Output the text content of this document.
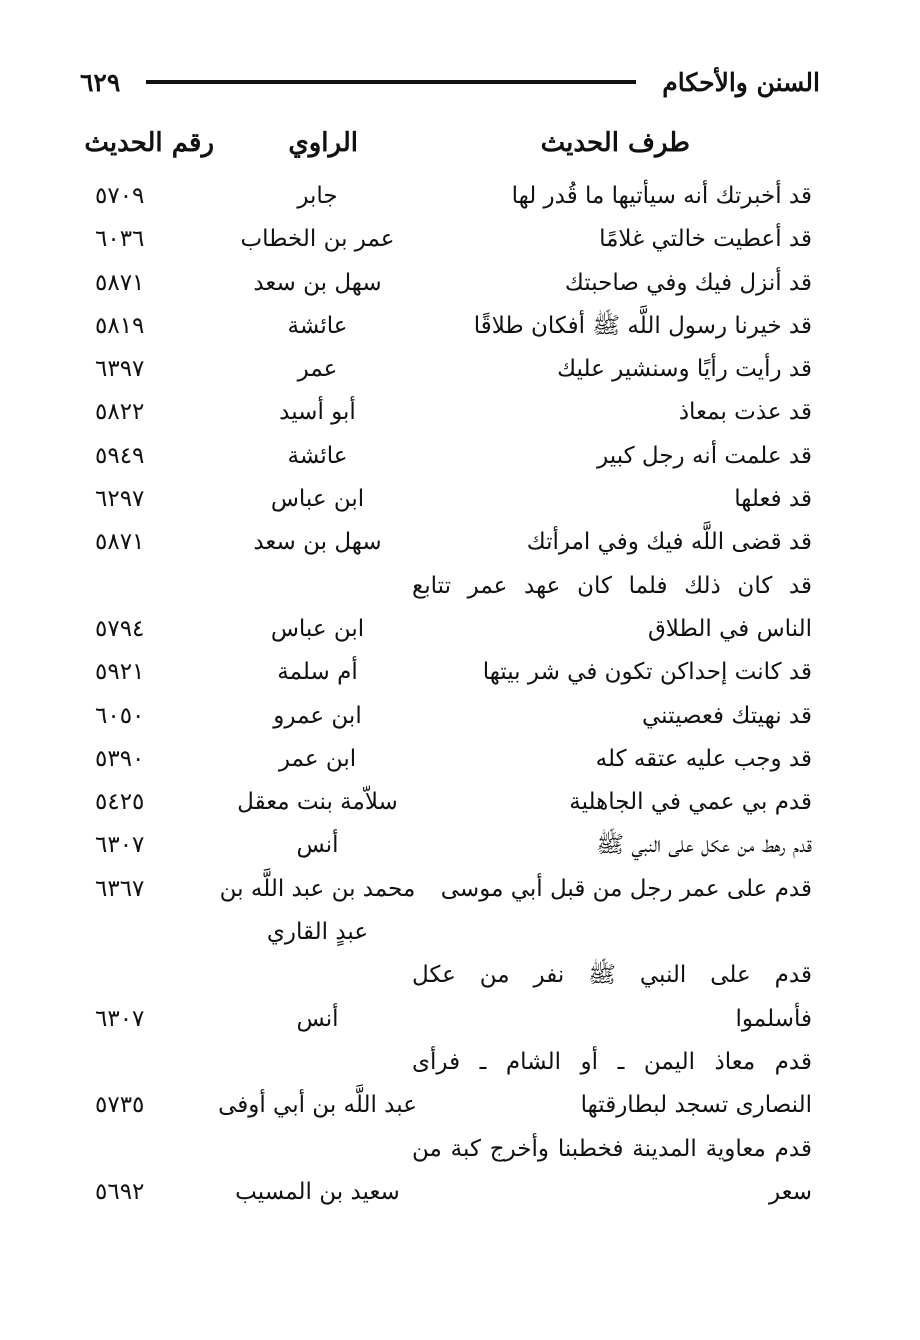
السنن والأحكام
٦٢٩
طرف الحديث
الراوي
رقم الحديث
قد أخبرتك أنه سيأتيها ما قُدر لها
جابر
٥٧٠٩
قد أعطيت خالتي غلامًا
عمر بن الخطاب
٦٠٣٦
قد أنزل فيك وفي صاحبتك
سهل بن سعد
٥٨٧١
قد خيرنا رسول اللَّه ﷺ أفكان طلاقًا
عائشة
٥٨١٩
قد رأيت رأيًا وسنشير عليك
عمر
٦٣٩٧
قد عذت بمعاذ
أبو أسيد
٥٨٢٢
قد علمت أنه رجل كبير
عائشة
٥٩٤٩
قد فعلها
ابن عباس
٦٢٩٧
قد قضى اللَّه فيك وفي امرأتك
سهل بن سعد
٥٨٧١
قد كان ذلك فلما كان عهد عمر تتابع
الناس في الطلاق
ابن عباس
٥٧٩٤
قد كانت إحداكن تكون في شر بيتها
أم سلمة
٥٩٢١
قد نهيتك فعصيتني
ابن عمرو
٦٠٥٠
قد وجب عليه عتقه كله
ابن عمر
٥٣٩٠
قدم بي عمي في الجاهلية
سلاّمة بنت معقل
٥٤٢٥
قدم رهط من عكل على النبي ﷺ
أنس
٦٣٠٧
قدم على عمر رجل من قبل أبي موسى
محمد بن عبد اللَّه بن
٦٣٦٧
عبدٍ القاري
قدم على النبي ﷺ نفر من عكل
فأسلموا
أنس
٦٣٠٧
قدم معاذ اليمن ـ أو الشام ـ فرأى
النصارى تسجد لبطارقتها
عبد اللَّه بن أبي أوفى
٥٧٣٥
قدم معاوية المدينة فخطبنا وأخرج كبة من
سعر
سعيد بن المسيب
٥٦٩٢
